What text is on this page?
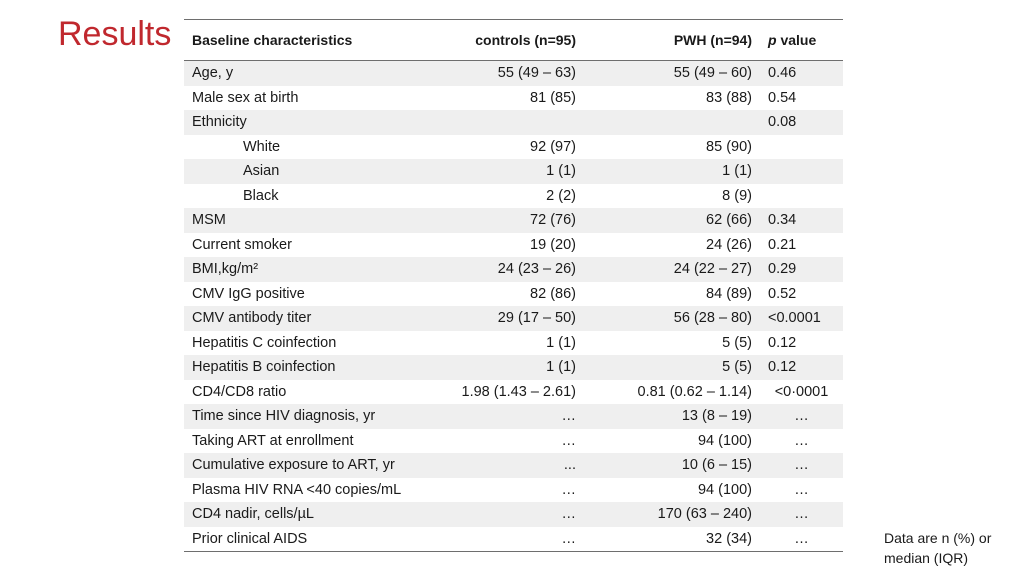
Results Baseline characteristics	controls (n=95)	PWH (n=94)	p value
Age, y	55 (49 – 63)	55 (49 – 60)	0.46
Male sex at birth	81 (85)	83 (88)	0.54
Ethnicity			0.08
White	92 (97)	85 (90)	
Asian	1 (1)	1 (1)	
Black	2 (2)	8 (9)	
MSM	72 (76)	62 (66)	0.34
Current smoker	19 (20)	24 (26)	0.21
BMI,kg/m²	24 (23 – 26)	24 (22 – 27)	0.29
CMV IgG positive	82 (86)	84 (89)	0.52
CMV antibody titer	29 (17 – 50)	56 (28 – 80)	<0.0001
Hepatitis C coinfection	1 (1)	5 (5)	0.12
Hepatitis B coinfection	1 (1)	5 (5)	0.12
CD4/CD8 ratio	1.98 (1.43 – 2.61)	0.81 (0.62 – 1.14)	<0·0001
Time since HIV diagnosis, yr	…	13 (8 – 19)	…
Taking ART at enrollment	…	94 (100)	…
Cumulative exposure to ART, yr	...	10 (6 – 15)	…
Plasma HIV RNA <40 copies/mL	…	94 (100)	…
CD4 nadir, cells/µL	…	170 (63 – 240)	…
Prior clinical AIDS	…	32 (34)	…	Data are n (%) or
median (IQR)
